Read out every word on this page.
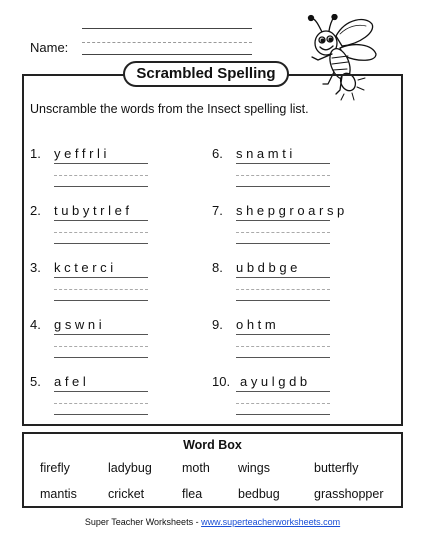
Name:
Scrambled Spelling
Unscramble the words from the Insect spelling list.
1. yeffrli
2. tubytrlef
3. kcterci
4. gswni
5. afel
6. snamti
7. shepgroarsp
8. ubdbge
9. ohtm
10. ayulgdb
Word Box
firefly	ladybug moth wings	butterfly
mantis cricket	flea	bedbug	grasshopper
Super Teacher Worksheets - www.superteacherworksheets.com
